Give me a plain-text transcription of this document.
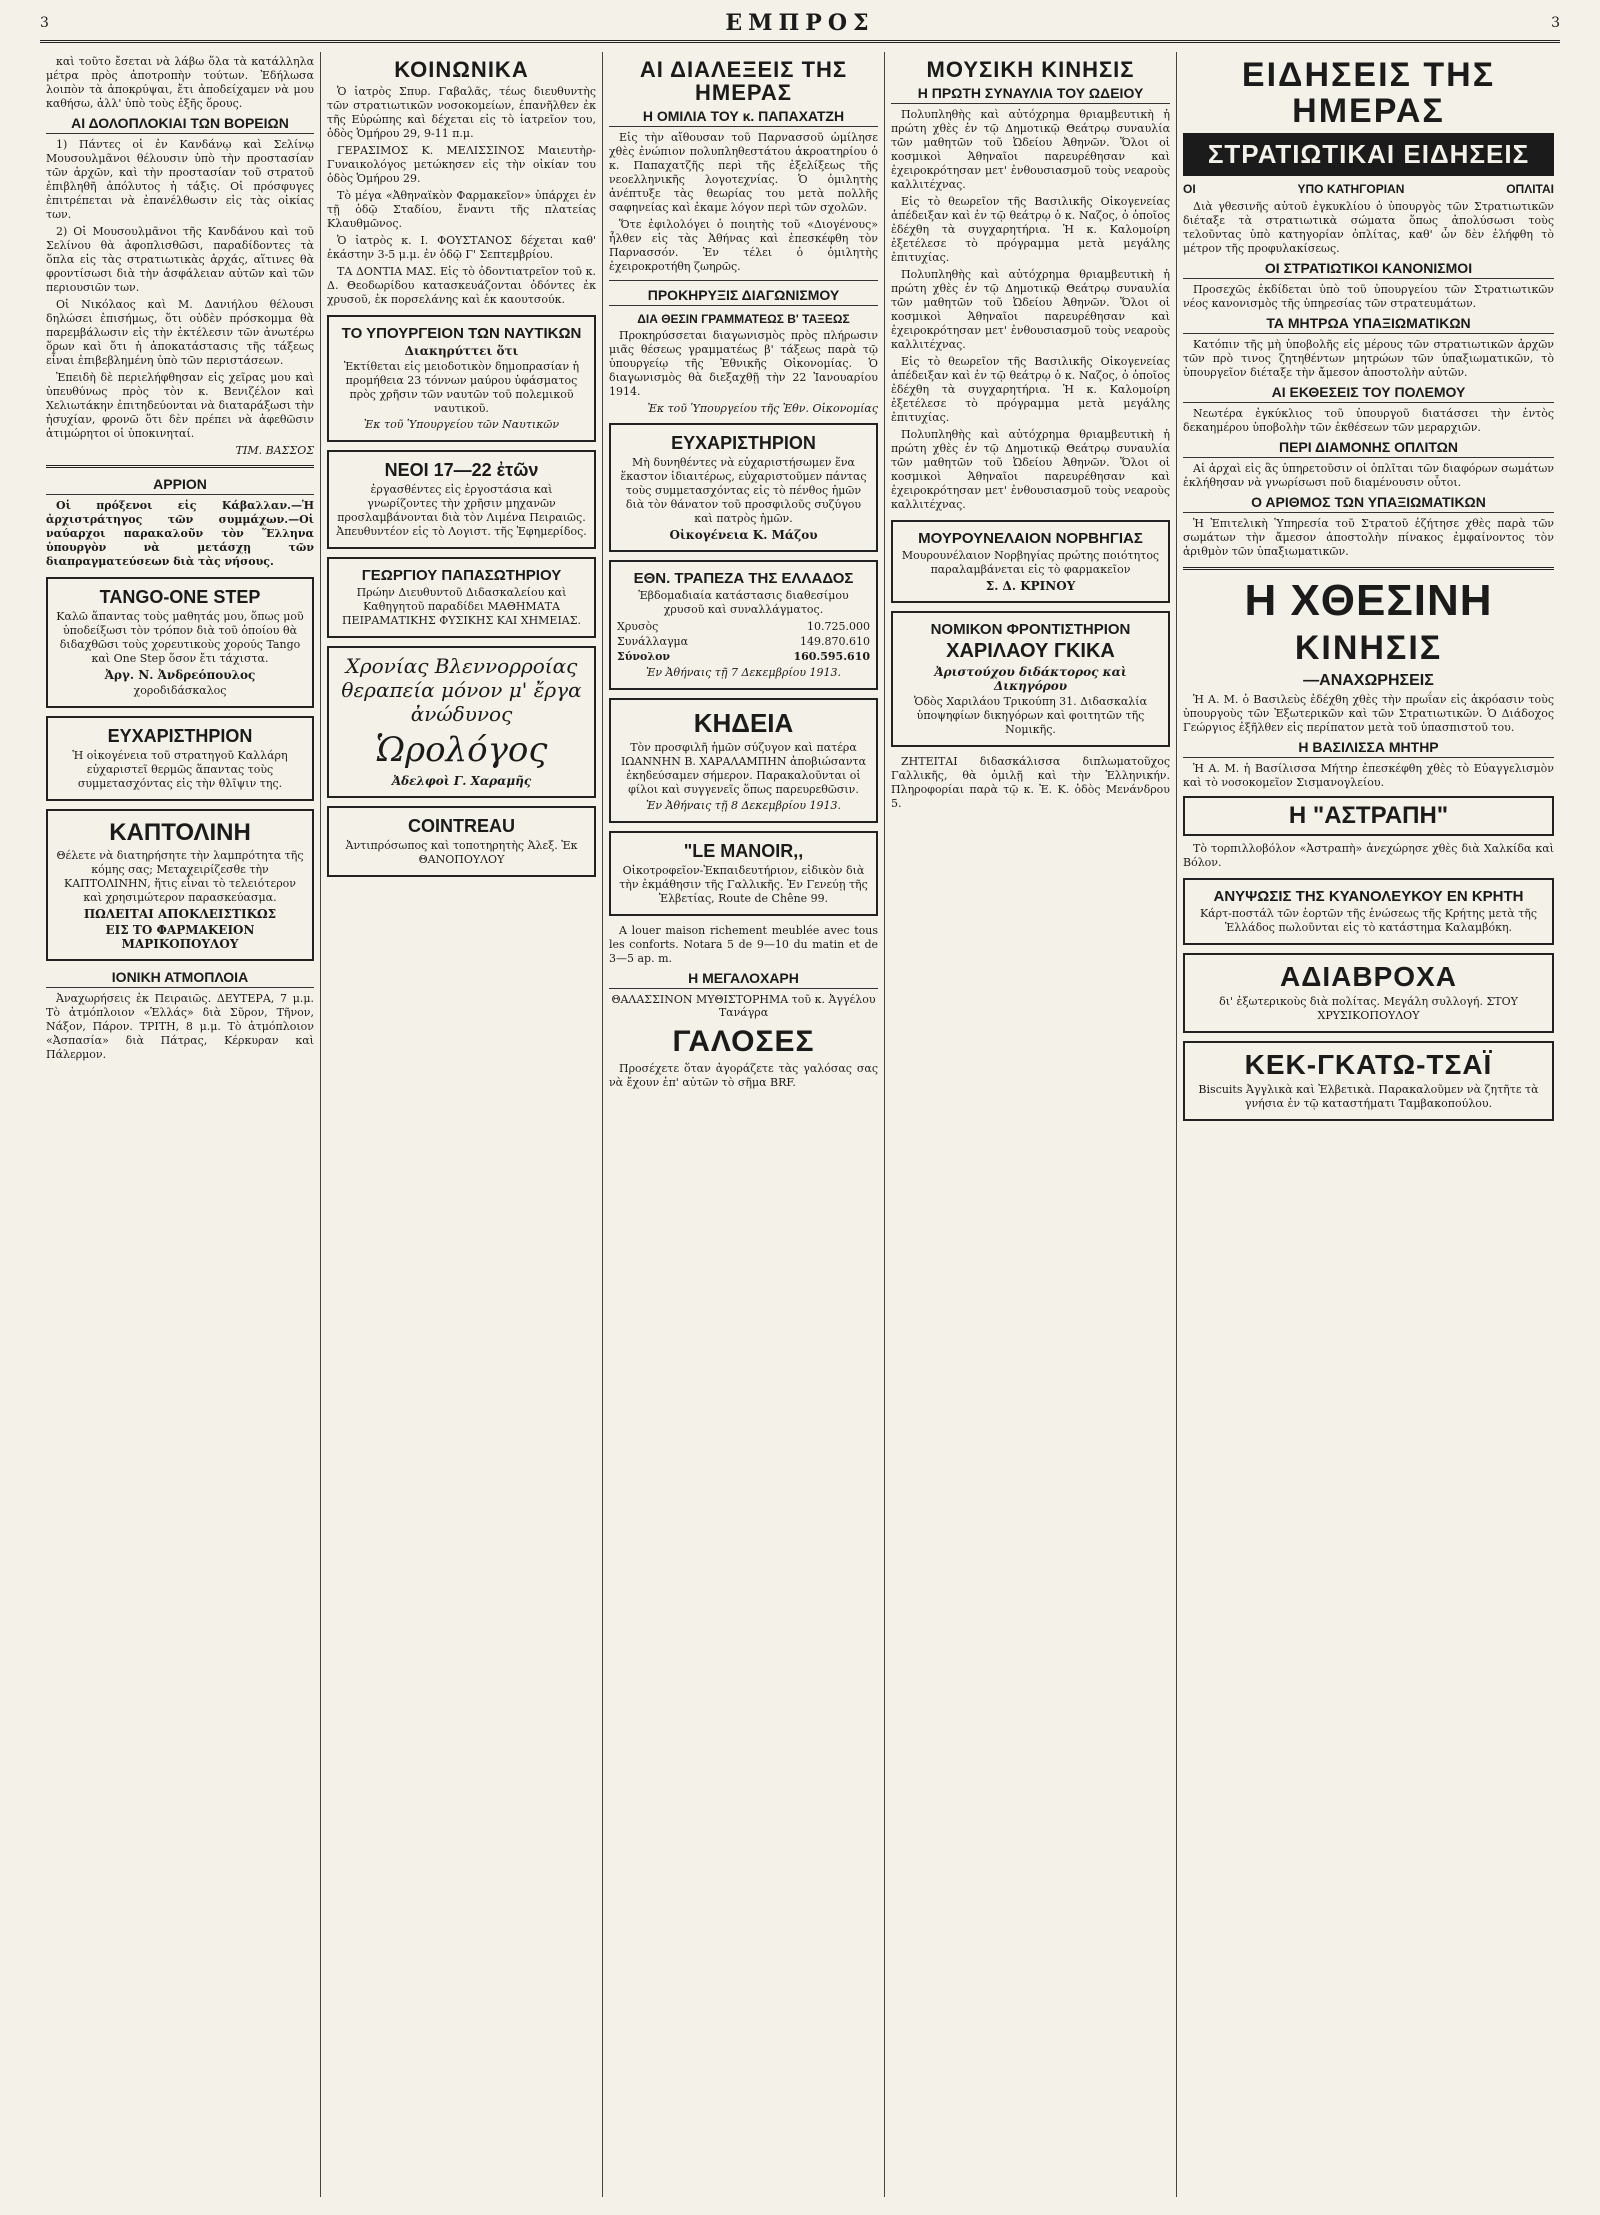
3	ΕΜΠΡΟΣ	3

καὶ τοῦτο ἔσεται νὰ λάβω ὅλα τὰ κατάλληλα μέτρα πρὸς ἀποτροπὴν τούτων. Ἐδήλωσα λοιπὸν τὰ ἀποκρύψαι, ἔτι ἀποδείχαμεν νὰ μου καθήσω, ἀλλ' ὑπὸ τοὺς ἐξῆς ὅρους.

ΑΙ ΔΟΛΟΠΛΟΚΙΑΙ ΤΩΝ ΒΟΡΕΙΩΝ

1) Πάντες οἱ ἐν Κανδάνῳ καὶ Σελίνῳ Μουσουλμᾶνοι θέλουσιν ὑπὸ τὴν προστασίαν τῶν ἀρχῶν, καὶ τὴν προστασίαν τοῦ στρατοῦ ἐπιβληθῆ ἀπόλυτος ἡ τάξις. Οἱ πρόσφυγες ἐπιτρέπεται νὰ ἐπανέλθωσιν εἰς τὰς οἰκίας των.

2) Οἱ Μουσουλμᾶνοι τῆς Κανδάνου καὶ τοῦ Σελίνου θὰ ἀφοπλισθῶσι, παραδίδοντες τὰ ὅπλα εἰς τὰς στρατιωτικὰς ἀρχάς, αἵτινες θὰ φροντίσωσι διὰ τὴν ἀσφάλειαν αὐτῶν καὶ τῶν περιουσιῶν των.

Οἱ Νικόλαος καὶ Μ. Δανιήλου θέλουσι δηλώσει ἐπισήμως, ὅτι οὐδὲν πρόσκομμα θὰ παρεμβάλωσιν εἰς τὴν ἐκτέλεσιν τῶν ἀνωτέρω ὅρων καὶ ὅτι ἡ ἀποκατάστασις τῆς τάξεως εἶναι ἐπιβεβλημένη ὑπὸ τῶν περιστάσεων.

Ἐπειδὴ δὲ περιελήφθησαν εἰς χεῖρας μου καὶ ὑπευθύνως πρὸς τὸν κ. Βενιζέλον καὶ Χελιωτάκην ἐπιτηδεύονται νὰ διαταράξωσι τὴν ἡσυχίαν, φρονῶ ὅτι δὲν πρέπει νὰ ἀφεθῶσιν ἀτιμώρητοι οἱ ὑποκινηταί.

ΤΙΜ. ΒΑΣΣΟΣ
ΑΡΡΙΟΝ

Οἱ πρόξενοι εἰς Κάβαλλαν.—Ἡ ἀρχιστράτηγος τῶν συμμάχων.—Οἱ ναύαρχοι παρακαλοῦν τὸν Ἕλληνα ὑπουργὸν νὰ μετάσχῃ τῶν διαπραγματεύσεων διὰ τὰς νήσους.

TANGO-ONE STEP
Καλῶ ἅπαντας τοὺς μαθητάς μου, ὅπως μοῦ ὑποδείξωσι τὸν τρόπον διὰ τοῦ ὁποίου θὰ διδαχθῶσι τοὺς χορευτικοὺς χορούς Tango καὶ One Step ὅσον ἔτι τάχιστα.
Ἀργ. Ν. Ἀνδρεόπουλος
χοροδιδάσκαλος
ΕΥΧΑΡΙΣΤΗΡΙΟΝ
Ἡ οἰκογένεια τοῦ στρατηγοῦ Καλλάρη εὐχαριστεῖ θερμῶς ἅπαντας τοὺς συμμετασχόντας εἰς τὴν θλῖψιν της.
ΚΑΠΤΟΛΙΝΗ
Θέλετε νὰ διατηρήσητε τὴν λαμπρότητα τῆς κόμης σας; Μεταχειρίζεσθε τὴν ΚΑΠΤΟΛΙΝΗΝ, ἥτις εἶναι τὸ τελειότερον καὶ χρησιμώτερον παρασκεύασμα.
ΠΩΛΕΙΤΑΙ ΑΠΟΚΛΕΙΣΤΙΚΩΣ
ΕΙΣ ΤΟ ΦΑΡΜΑΚΕΙΟΝ ΜΑΡΙΚΟΠΟΥΛΟΥ
ΙΟΝΙΚΗ ΑΤΜΟΠΛΟΙΑ

Ἀναχωρήσεις ἐκ Πειραιῶς. ΔΕΥΤΕΡΑ, 7 μ.μ. Τὸ ἀτμόπλοιον «Ἑλλάς» διὰ Σῦρον, Τῆνον, Νάξον, Πάρον. ΤΡΙΤΗ, 8 μ.μ. Τὸ ἀτμόπλοιον «Ἀσπασία» διὰ Πάτρας, Κέρκυραν καὶ Πάλερμον.

ΚΟΙΝΩΝΙΚΑ

Ὁ ἰατρὸς Σπυρ. Γαβαλᾶς, τέως διευθυντὴς τῶν στρατιωτικῶν νοσοκομείων, ἐπανῆλθεν ἐκ τῆς Εὐρώπης καὶ δέχεται εἰς τὸ ἰατρεῖον του, ὁδὸς Ὁμήρου 29, 9-11 π.μ.

ΓΕΡΑΣΙΜΟΣ Κ. ΜΕΛΙΣΣΙΝΟΣ Μαιευτὴρ-Γυναικολόγος μετώκησεν εἰς τὴν οἰκίαν του ὁδὸς Ὁμήρου 29.

Τὸ μέγα «Ἀθηναϊκὸν Φαρμακεῖον» ὑπάρχει ἐν τῇ ὁδῷ Σταδίου, ἔναντι τῆς πλατείας Κλαυθμῶνος.

Ὁ ἰατρὸς κ. Ι. ΦΟΥΣΤΑΝΟΣ δέχεται καθ' ἑκάστην 3-5 μ.μ. ἐν ὁδῷ Γ' Σεπτεμβρίου.

ΤΑ ΔΟΝΤΙΑ ΜΑΣ. Εἰς τὸ ὀδοντιατρεῖον τοῦ κ. Δ. Θεοδωρίδου κατασκευάζονται ὀδόντες ἐκ χρυσοῦ, ἐκ πορσελάνης καὶ ἐκ καουτσούκ.

ΤΟ ΥΠΟΥΡΓΕΙΟΝ ΤΩΝ ΝΑΥΤΙΚΩΝ
Διακηρύττει ὅτι
Ἐκτίθεται εἰς μειοδοτικὸν δημοπρασίαν ἡ προμήθεια 23 τόννων μαύρου ὑφάσματος πρὸς χρῆσιν τῶν ναυτῶν τοῦ πολεμικοῦ ναυτικοῦ.
Ἐκ τοῦ Ὑπουργείου τῶν Ναυτικῶν
ΝΕΟΙ 17—22 ἐτῶν
ἐργασθέντες εἰς ἐργοστάσια καὶ γνωρίζοντες τὴν χρῆσιν μηχανῶν προσλαμβάνονται διὰ τὸν Λιμένα Πειραιῶς. Ἀπευθυντέον εἰς τὸ Λογιστ. τῆς Ἑφημερίδος.
ΓΕΩΡΓΙΟΥ ΠΑΠΑΣΩΤΗΡΙΟΥ
Πρώην Διευθυντοῦ Διδασκαλείου καὶ Καθηγητοῦ παραδίδει ΜΑΘΗΜΑΤΑ ΠΕΙΡΑΜΑΤΙΚΗΣ ΦΥΣΙΚΗΣ ΚΑΙ ΧΗΜΕΙΑΣ.
Χρονίας Βλεννορροίας θεραπεία μόνον μ' ἔργα ἀνώδυνος
Ὡρολόγος
Ἀδελφοὶ Γ. Χαραμῆς
COINTREAU
Ἀντιπρόσωπος καὶ τοποτηρητὴς Ἀλεξ. Ἐκ ΘΑΝΟΠΟΥΛΟΥ
ΑΙ ΔΙΑΛΕΞΕΙΣ ΤΗΣ ΗΜΕΡΑΣ
Η ΟΜΙΛΙΑ ΤΟΥ κ. ΠΑΠΑΧΑΤΖΗ

Εἰς τὴν αἴθουσαν τοῦ Παρνασσοῦ ὡμίλησε χθὲς ἐνώπιον πολυπληθεστάτου ἀκροατηρίου ὁ κ. Παπαχατζῆς περὶ τῆς ἐξελίξεως τῆς νεοελληνικῆς λογοτεχνίας. Ὁ ὁμιλητὴς ἀνέπτυξε τὰς θεωρίας του μετὰ πολλῆς σαφηνείας καὶ ἐκαμε λόγον περὶ τῶν σχολῶν.

Ὅτε ἐφιλολόγει ὁ ποιητὴς τοῦ «Διογένους» ἦλθεν εἰς τὰς Ἀθήνας καὶ ἐπεσκέφθη τὸν Παρνασσόν. Ἐν τέλει ὁ ὁμιλητὴς ἐχειροκροτήθη ζωηρῶς.

ΠΡΟΚΗΡΥΞΙΣ ΔΙΑΓΩΝΙΣΜΟΥ
ΔΙΑ ΘΕΣΙΝ ΓΡΑΜΜΑΤΕΩΣ Β' ΤΑΞΕΩΣ

Προκηρύσσεται διαγωνισμὸς πρὸς πλήρωσιν μιᾶς θέσεως γραμματέως β' τάξεως παρὰ τῷ ὑπουργείῳ τῆς Ἐθνικῆς Οἰκονομίας. Ὁ διαγωνισμὸς θὰ διεξαχθῇ τὴν 22 Ἰανουαρίου 1914.

Ἐκ τοῦ Ὑπουργείου τῆς Ἐθν. Οἰκονομίας
ΕΥΧΑΡΙΣΤΗΡΙΟΝ
Μὴ δυνηθέντες νὰ εὐχαριστήσωμεν ἕνα ἕκαστον ἰδιαιτέρως, εὐχαριστοῦμεν πάντας τοὺς συμμετασχόντας εἰς τὸ πένθος ἡμῶν διὰ τὸν θάνατον τοῦ προσφιλοῦς συζύγου καὶ πατρὸς ἡμῶν.
Οἰκογένεια Κ. Μάζου
ΕΘΝ. ΤΡΑΠΕΖΑ ΤΗΣ ΕΛΛΑΔΟΣ
Ἑβδομαδιαία κατάστασις διαθεσίμου χρυσοῦ καὶ συναλλάγματος.
Χρυσὸς	10.725.000
Συνάλλαγμα	149.870.610
Σύνολον	160.595.610
Ἐν Ἀθήναις τῇ 7 Δεκεμβρίου 1913.
ΚΗΔΕΙΑ
Τὸν προσφιλῆ ἡμῶν σύζυγον καὶ πατέρα ΙΩΑΝΝΗΝ Β. ΧΑΡΑΛΑΜΠΗΝ ἀποβιώσαντα ἐκηδεύσαμεν σήμερον. Παρακαλοῦνται οἱ φίλοι καὶ συγγενεῖς ὅπως παρευρεθῶσιν.
Ἐν Ἀθήναις τῇ 8 Δεκεμβρίου 1913.
"LE MANOIR,,
Οἰκοτροφεῖον-Ἐκπαιδευτήριον, εἰδικὸν διὰ τὴν ἐκμάθησιν τῆς Γαλλικῆς. Ἐν Γενεύῃ τῆς Ἑλβετίας, Route de Chêne 99.

A louer maison richement meublée avec tous les conforts. Notara 5 de 9—10 du matin et de 3—5 ap. m.

Η ΜΕΓΑΛΟΧΑΡΗ
ΘΑΛΑΣΣΙΝΟΝ ΜΥΘΙΣΤΟΡΗΜΑ τοῦ κ. Ἀγγέλου Τανάγρα
ΓΑΛΟΣΕΣ

Προσέχετε ὅταν ἀγοράζετε τὰς γαλόσας σας νὰ ἔχουν ἐπ' αὐτῶν τὸ σῆμα BRF.

ΜΟΥΣΙΚΗ ΚΙΝΗΣΙΣ
Η ΠΡΩΤΗ ΣΥΝΑΥΛΙΑ ΤΟΥ ΩΔΕΙΟΥ

Πολυπληθὴς καὶ αὐτόχρημα θριαμβευτικὴ ἡ πρώτη χθὲς ἐν τῷ Δημοτικῷ Θεάτρῳ συναυλία τῶν μαθητῶν τοῦ Ὠδείου Ἀθηνῶν. Ὅλοι οἱ κοσμικοὶ Ἀθηναῖοι παρευρέθησαν καὶ ἐχειροκρότησαν μετ' ἐνθουσιασμοῦ τοὺς νεαροὺς καλλιτέχνας.

Εἰς τὸ θεωρεῖον τῆς Βασιλικῆς Οἰκογενείας ἀπέδειξαν καὶ ἐν τῷ θεάτρῳ ὁ κ. Ναζος, ὁ ὁποῖος ἐδέχθη τὰ συγχαρητήρια. Ἡ κ. Καλομοίρη ἐξετέλεσε τὸ πρόγραμμα μετὰ μεγάλης ἐπιτυχίας.

Πολυπληθὴς καὶ αὐτόχρημα θριαμβευτικὴ ἡ πρώτη χθὲς ἐν τῷ Δημοτικῷ Θεάτρῳ συναυλία τῶν μαθητῶν τοῦ Ὠδείου Ἀθηνῶν. Ὅλοι οἱ κοσμικοὶ Ἀθηναῖοι παρευρέθησαν καὶ ἐχειροκρότησαν μετ' ἐνθουσιασμοῦ τοὺς νεαροὺς καλλιτέχνας.

Εἰς τὸ θεωρεῖον τῆς Βασιλικῆς Οἰκογενείας ἀπέδειξαν καὶ ἐν τῷ θεάτρῳ ὁ κ. Ναζος, ὁ ὁποῖος ἐδέχθη τὰ συγχαρητήρια. Ἡ κ. Καλομοίρη ἐξετέλεσε τὸ πρόγραμμα μετὰ μεγάλης ἐπιτυχίας.

Πολυπληθὴς καὶ αὐτόχρημα θριαμβευτικὴ ἡ πρώτη χθὲς ἐν τῷ Δημοτικῷ Θεάτρῳ συναυλία τῶν μαθητῶν τοῦ Ὠδείου Ἀθηνῶν. Ὅλοι οἱ κοσμικοὶ Ἀθηναῖοι παρευρέθησαν καὶ ἐχειροκρότησαν μετ' ἐνθουσιασμοῦ τοὺς νεαροὺς καλλιτέχνας.

ΜΟΥΡΟΥΝΕΛΑΙΟΝ ΝΟΡΒΗΓΙΑΣ
Μουρουνέλαιον Νορβηγίας πρώτης ποιότητος παραλαμβάνεται εἰς τὸ φαρμακεῖον
Σ. Δ. ΚΡΙΝΟΥ
ΝΟΜΙΚΟΝ ΦΡΟΝΤΙΣΤΗΡΙΟΝ
ΧΑΡΙΛΑΟΥ ΓΚΙΚΑ
Ἀριστούχου διδάκτορος καὶ Δικηγόρου
Ὁδὸς Χαριλάου Τρικούπη 31. Διδασκαλία ὑποψηφίων δικηγόρων καὶ φοιτητῶν τῆς Νομικῆς.

ΖΗΤΕΙΤΑΙ διδασκάλισσα διπλωματοῦχος Γαλλικῆς, θὰ ὁμιλῇ καὶ τὴν Ἑλληνικήν. Πληροφορίαι παρὰ τῷ κ. Ἐ. Κ. ὁδὸς Μενάνδρου 5.

ΕΙΔΗΣΕΙΣ ΤΗΣ ΗΜΕΡΑΣ
ΣΤΡΑΤΙΩΤΙΚΑΙ ΕΙΔΗΣΕΙΣ
ΟΙ	ΥΠΟ ΚΑΤΗΓΟΡΙΑΝ	ΟΠΛΙΤΑΙ

Διὰ γθεσινῆς αὐτοῦ ἐγκυκλίου ὁ ὑπουργὸς τῶν Στρατιωτικῶν διέταξε τὰ στρατιωτικὰ σώματα ὅπως ἀπολύσωσι τοὺς τελοῦντας ὑπὸ κατηγορίαν ὁπλίτας, καθ' ὧν δὲν ἐλήφθη τὸ μέτρον τῆς προφυλακίσεως.

ΟΙ ΣΤΡΑΤΙΩΤΙΚΟΙ ΚΑΝΟΝΙΣΜΟΙ

Προσεχῶς ἐκδίδεται ὑπὸ τοῦ ὑπουργείου τῶν Στρατιωτικῶν νέος κανονισμὸς τῆς ὑπηρεσίας τῶν στρατευμάτων.

ΤΑ ΜΗΤΡΩΑ ΥΠΑΞΙΩΜΑΤΙΚΩΝ

Κατόπιν τῆς μὴ ὑποβολῆς εἰς μέρους τῶν στρατιωτικῶν ἀρχῶν τῶν πρὸ τινος ζητηθέντων μητρώων τῶν ὑπαξιωματικῶν, τὸ ὑπουργεῖον διέταξε τὴν ἄμεσον ἀποστολὴν αὐτῶν.

ΑΙ ΕΚΘΕΣΕΙΣ ΤΟΥ ΠΟΛΕΜΟΥ

Νεωτέρα ἐγκύκλιος τοῦ ὑπουργοῦ διατάσσει τὴν ἐντὸς δεκαημέρου ὑποβολὴν τῶν ἐκθέσεων τῶν μεραρχιῶν.

ΠΕΡΙ ΔΙΑΜΟΝΗΣ ΟΠΛΙΤΩΝ

Αἱ ἀρχαὶ εἰς ἃς ὑπηρετοῦσιν οἱ ὁπλῖται τῶν διαφόρων σωμάτων ἐκλήθησαν νὰ γνωρίσωσι ποῦ διαμένουσιν οὗτοι.

Ο ΑΡΙΘΜΟΣ ΤΩΝ ΥΠΑΞΙΩΜΑΤΙΚΩΝ

Ἡ Ἐπιτελικὴ Ὑπηρεσία τοῦ Στρατοῦ ἐζήτησε χθὲς παρὰ τῶν σωμάτων τὴν ἄμεσον ἀποστολὴν πίνακος ἐμφαίνοντος τὸν ἀριθμὸν τῶν ὑπαξιωματικῶν.

Η ΧΘΕΣΙΝΗ
ΚΙΝΗΣΙΣ
—ΑΝΑΧΩΡΗΣΕΙΣ

Ἡ Α. Μ. ὁ Βασιλεὺς ἐδέχθη χθὲς τὴν πρωΐαν εἰς ἀκρόασιν τοὺς ὑπουργοὺς τῶν Ἐξωτερικῶν καὶ τῶν Στρατιωτικῶν. Ὁ Διάδοχος Γεώργιος ἐξῆλθεν εἰς περίπατον μετὰ τοῦ ὑπασπιστοῦ του.

Η ΒΑΣΙΛΙΣΣΑ ΜΗΤΗΡ

Ἡ Α. Μ. ἡ Βασίλισσα Μήτηρ ἐπεσκέφθη χθὲς τὸ Εὐαγγελισμὸν καὶ τὸ νοσοκομεῖον Σισμανογλείου.

Η "ΑΣΤΡΑΠΗ"

Τὸ τορπιλλοβόλον «Ἀστραπὴ» ἀνεχώρησε χθὲς διὰ Χαλκίδα καὶ Βόλον.

ΑΝΥΨΩΣΙΣ ΤΗΣ ΚΥΑΝΟΛΕΥΚΟΥ ΕΝ ΚΡΗΤΗ
Κάρτ-ποστάλ τῶν ἑορτῶν τῆς ἑνώσεως τῆς Κρήτης μετὰ τῆς Ἑλλάδος πωλοῦνται εἰς τὸ κατάστημα Καλαμβόκη.
ΑΔΙΑΒΡΟΧΑ
δι' ἐξωτερικοὺς διὰ πολίτας. Μεγάλη συλλογή. ΣΤΟΥ ΧΡΥΣΙΚΟΠΟΥΛΟΥ
ΚΕΚ-ΓΚΑΤΩ-ΤΣΑΪ
Biscuits Ἀγγλικὰ καὶ Ἐλβετικὰ. Παρακαλοῦμεν νὰ ζητῆτε τὰ γνήσια ἐν τῷ καταστήματι Ταμβακοπούλου.
